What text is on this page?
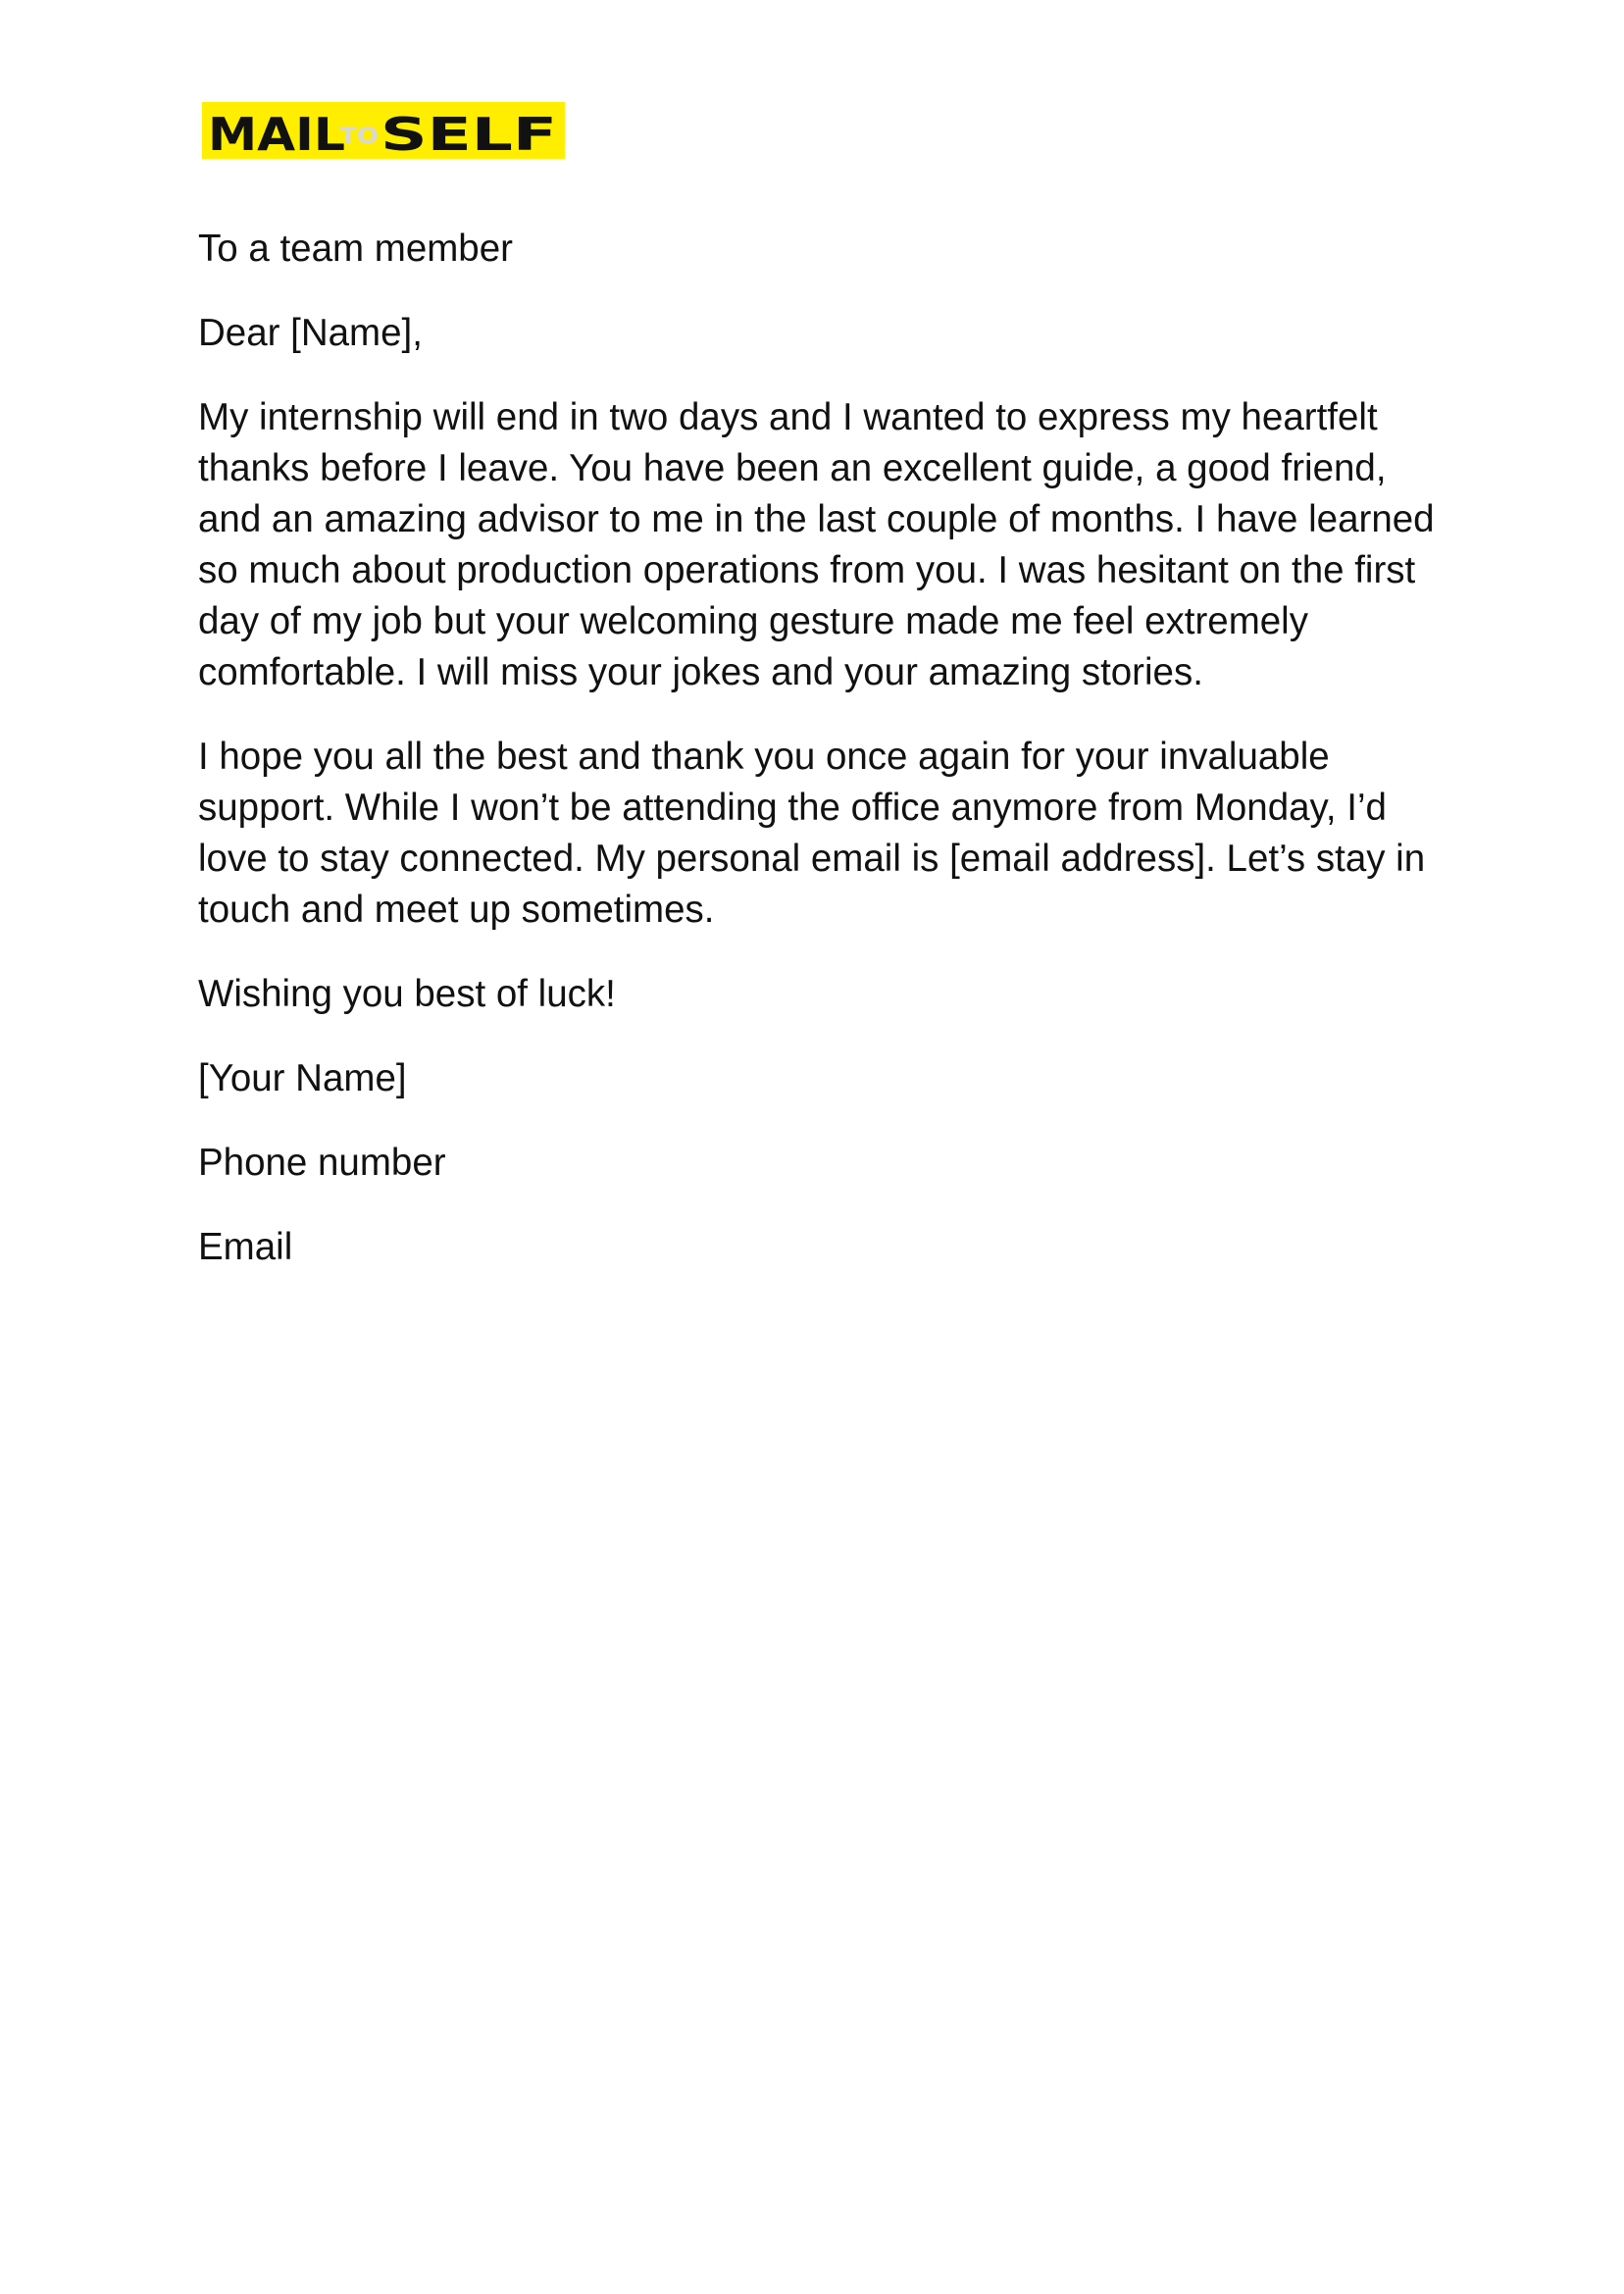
MAIL
TO SELF

To a team member

Dear [Name],

My internship will end in two days and I wanted to express my heartfelt thanks before I leave. You have been an excellent guide, a good friend, and an amazing advisor to me in the last couple of months. I have learned so much about production operations from you. I was hesitant on the first day of my job but your welcoming gesture made me feel extremely comfortable. I will miss your jokes and your amazing stories.

I hope you all the best and thank you once again for your invaluable support. While I won’t be attending the office anymore from Monday, I’d love to stay connected. My personal email is [email address]. Let’s stay in touch and meet up sometimes.

Wishing you best of luck!

[Your Name]

Phone number

Email
